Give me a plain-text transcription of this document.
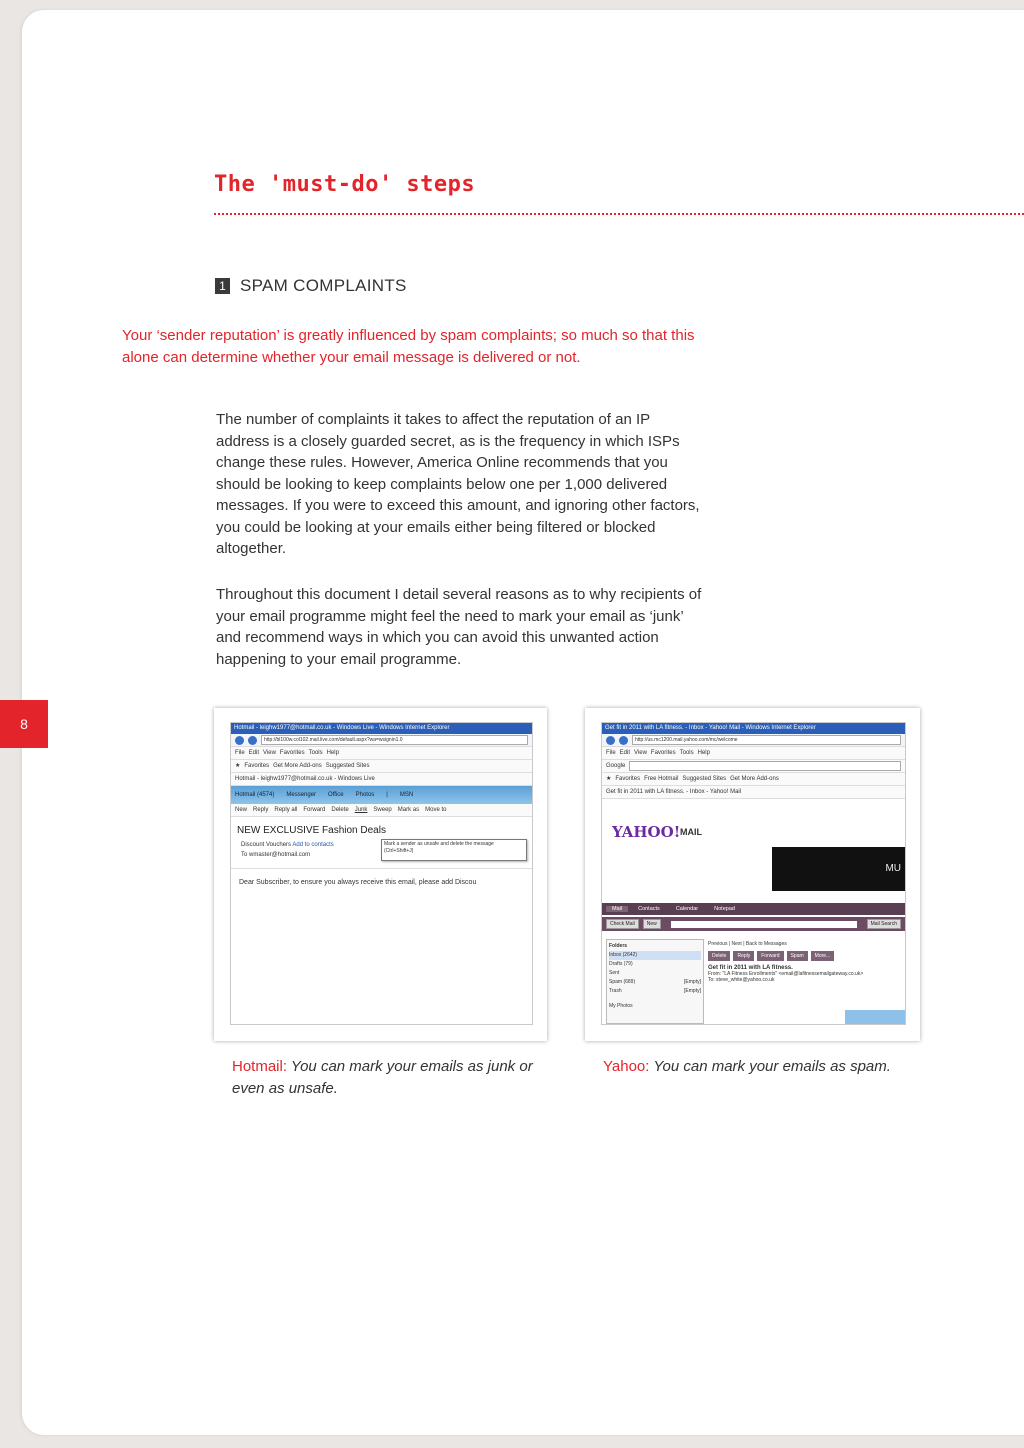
The 'must-do' steps
1 SPAM COMPLAINTS

Your ‘sender reputation’ is greatly influenced by spam complaints; so much so that this alone can determine whether your email message is delivered or not.

The number of complaints it takes to affect the reputation of an IP address is a closely guarded secret, as is the frequency in which ISPs change these rules. However, America Online recommends that you should be looking to keep complaints below one per 1,000 delivered messages. If you were to exceed this amount, and ignoring other factors, you could be looking at your emails either being filtered or blocked altogether.

Throughout this document I detail several reasons as to why recipients of your email programme might feel the need to mark your email as ‘junk’ and recommend ways in which you can avoid this unwanted action happening to your email programme.

8	Hotmail - leighw1977@hotmail.co.uk - Windows Live - Windows Internet Explorer
http://bl100w.col102.mail.live.com/default.aspx?wa=wsignin1.0
File Edit View Favorites Tools Help
★ Favorites Get More Add-ons Suggested Sites
Hotmail - leighw1977@hotmail.co.uk - Windows Live
Hotmail (4574) Messenger Office Photos | MSN
New Reply Reply all Forward Delete Junk Sweep Mark as Move to
NEW EXCLUSIVE Fashion Deals
Mark a sender as unsafe and delete the message (Ctrl+Shift+J)
Discount Vouchers Add to contacts
To wmaster@hotmail.com
Dear Subscriber, to ensure you always receive this email, please add Discou
Get fit in 2011 with LA fitness. - Inbox - Yahoo! Mail - Windows Internet Explorer
http://us.mc1200.mail.yahoo.com/mc/welcome
File Edit View Favorites Tools Help
Google
★ Favorites Free Hotmail Suggested Sites Get More Add-ons
Get fit in 2011 with LA fitness. - Inbox - Yahoo! Mail
YAHOO! MAIL
MU
Mail	Contacts	Calendar	Notepad
Check Mail	New	Mail Search
Folders
Inbox (2642)
Drafts (79)
Sent
Spam (689)	[Empty]
Trash	[Empty]
My Photos
Previous | Next | Back to Messages
Delete	Reply	Forward	Spam	More...
Get fit in 2011 with LA fitness.
From: "LA Fitness Enrollments" <email@lafitnessemailgateway.co.uk>
To: steve_white@yahoo.co.uk

Hotmail: You can mark your emails as junk or even as unsafe.

Yahoo: You can mark your emails as spam.
